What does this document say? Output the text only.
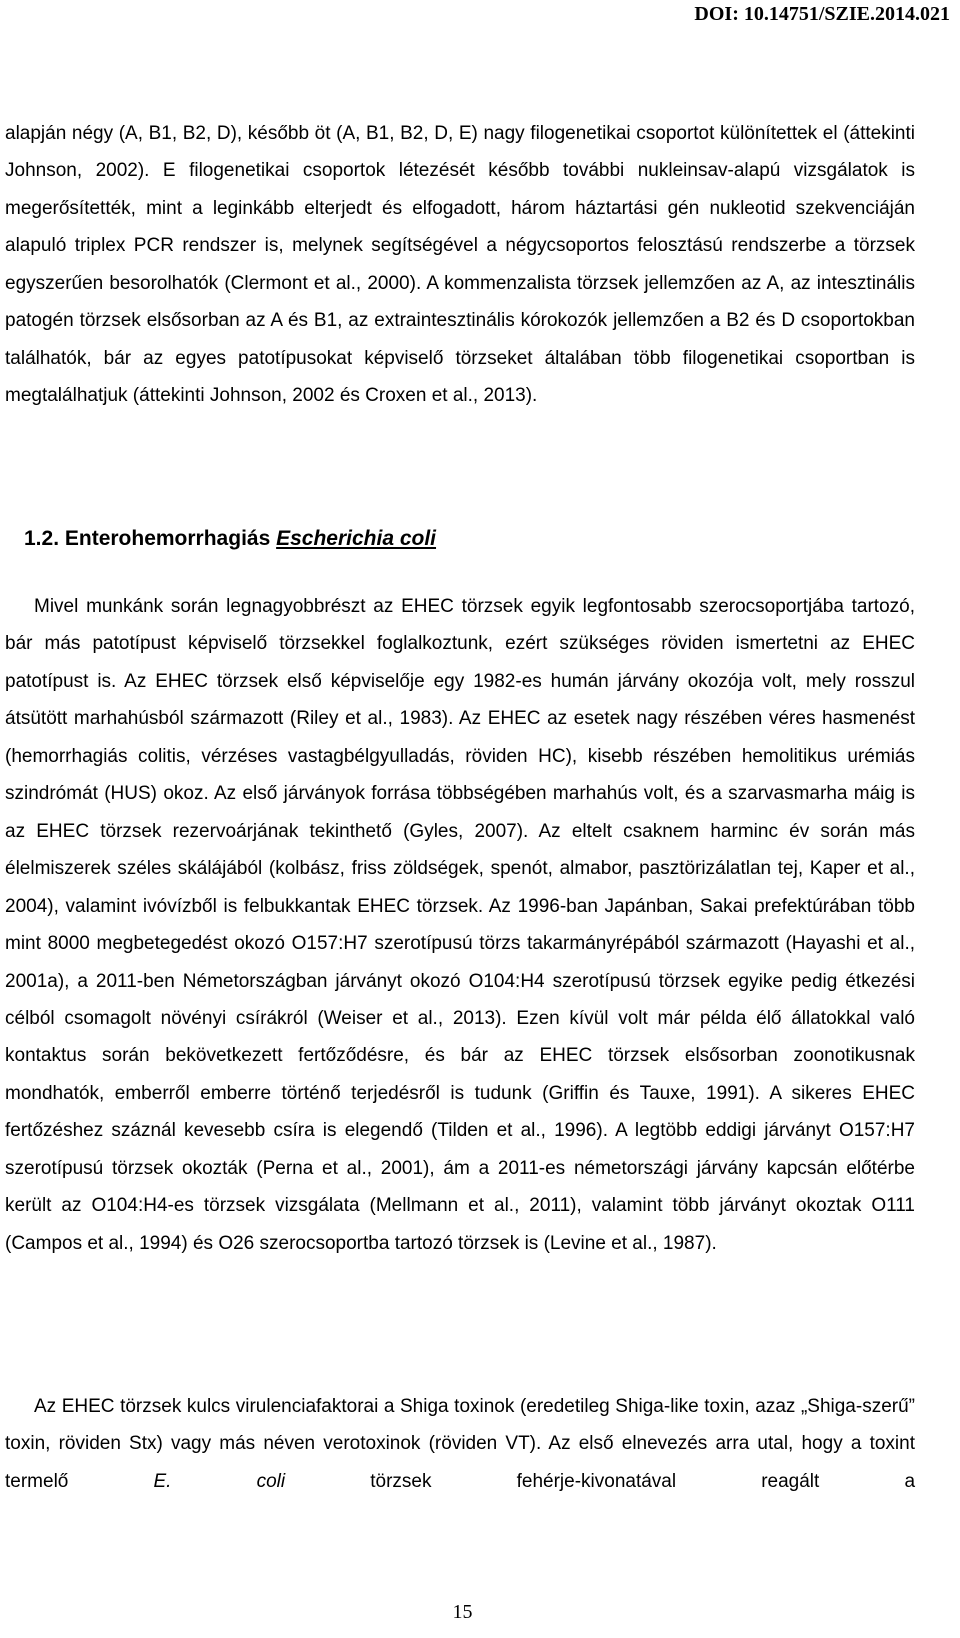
DOI: 10.14751/SZIE.2014.021

alapján négy (A, B1, B2, D), később öt (A, B1, B2, D, E) nagy filogenetikai csoportot különítettek el (áttekinti Johnson, 2002). E filogenetikai csoportok létezését később további nukleinsav-alapú vizsgálatok is megerősítették, mint a leginkább elterjedt és elfogadott, három háztartási gén nukleotid szekvenciáján alapuló triplex PCR rendszer is, melynek segítségével a négycsoportos felosztású rendszerbe a törzsek egyszerűen besorolhatók (Clermont et al., 2000). A kommenzalista törzsek jellemzően az A, az intesztinális patogén törzsek elsősorban az A és B1, az extraintesztinális kórokozók jellemzően a B2 és D csoportokban találhatók, bár az egyes patotípusokat képviselő törzseket általában több filogenetikai csoportban is megtalálhatjuk (áttekinti Johnson, 2002 és Croxen et al., 2013).

Mivel munkánk során legnagyobbrészt az EHEC törzsek egyik legfontosabb szerocsoportjába tartozó, bár más patotípust képviselő törzsekkel foglalkoztunk, ezért szükséges röviden ismertetni az EHEC patotípust is. Az EHEC törzsek első képviselője egy 1982-es humán járvány okozója volt, mely rosszul átsütött marhahúsból származott (Riley et al., 1983). Az EHEC az esetek nagy részében véres hasmenést (hemorrhagiás colitis, vérzéses vastagbélgyulladás, röviden HC), kisebb részében hemolitikus urémiás szindrómát (HUS) okoz. Az első járványok forrása többségében marhahús volt, és a szarvasmarha máig is az EHEC törzsek rezervoárjának tekinthető (Gyles, 2007). Az eltelt csaknem harminc év során más élelmiszerek széles skálájából (kolbász, friss zöldségek, spenót, almabor, pasztörizálatlan tej, Kaper et al., 2004), valamint ivóvízből is felbukkantak EHEC törzsek. Az 1996-ban Japánban, Sakai prefektúrában több mint 8000 megbetegedést okozó O157:H7 szerotípusú törzs takarmányrépából származott (Hayashi et al., 2001a), a 2011-ben Németországban járványt okozó O104:H4 szerotípusú törzsek egyike pedig étkezési célból csomagolt növényi csírákról (Weiser et al., 2013). Ezen kívül volt már példa élő állatokkal való kontaktus során bekövetkezett fertőződésre, és bár az EHEC törzsek elsősorban zoonotikusnak mondhatók, emberről emberre történő terjedésről is tudunk (Griffin és Tauxe, 1991). A sikeres EHEC fertőzéshez száznál kevesebb csíra is elegendő (Tilden et al., 1996). A legtöbb eddigi járványt O157:H7 szerotípusú törzsek okozták (Perna et al., 2001), ám a 2011-es németországi járvány kapcsán előtérbe került az O104:H4-es törzsek vizsgálata (Mellmann et al., 2011), valamint több járványt okoztak O111 (Campos et al., 1994) és O26 szerocsoportba tartozó törzsek is (Levine et al., 1987).

Az EHEC törzsek kulcs virulenciafaktorai a Shiga toxinok (eredetileg Shiga-like toxin, azaz „Shiga-szerű” toxin, röviden Stx) vagy más néven verotoxinok (röviden VT). Az első elnevezés arra utal, hogy a toxint termelő	E. coli	törzsek fehérje-kivonatával reagált a

1.2. Enterohemorrhagiás Escherichia coli
15
